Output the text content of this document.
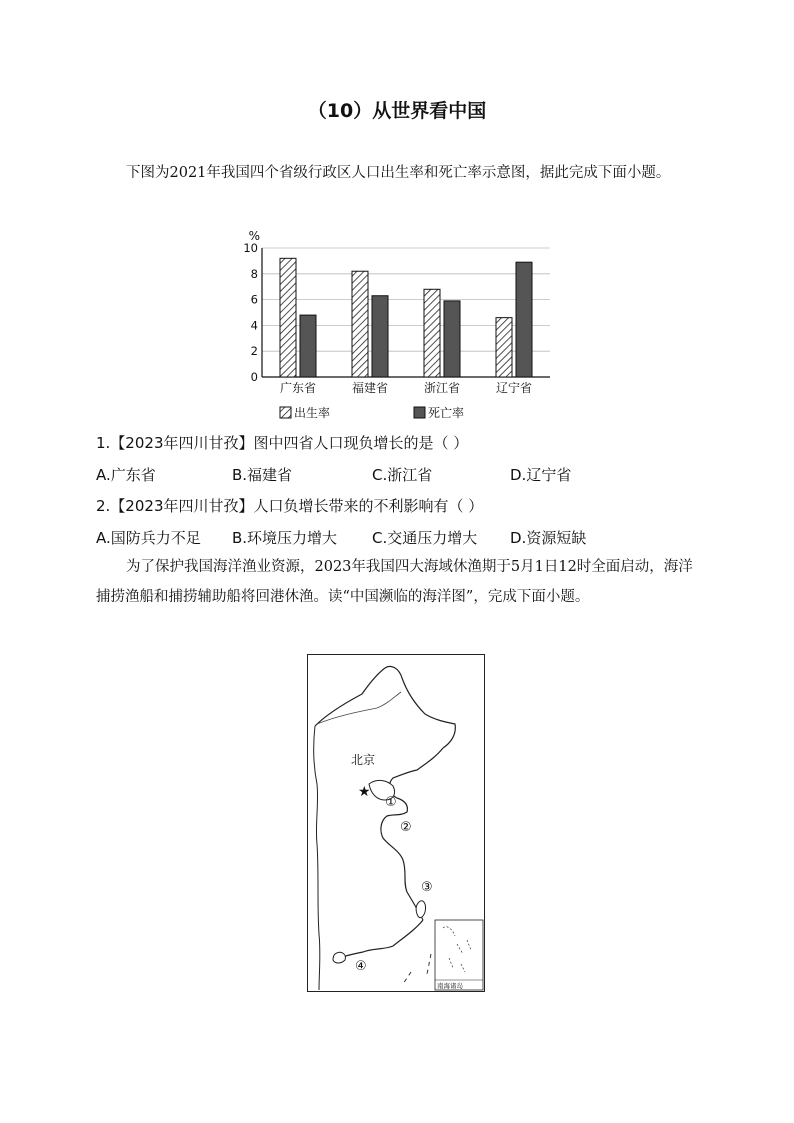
（10）从世界看中国
下图为2021年我国四个省级行政区人口出生率和死亡率示意图，据此完成下面小题。
%
0
2
4
6
8
10
广东省	福建省	浙江省	辽宁省
出生率	死亡率
1.【2023年四川甘孜】图中四省人口现负增长的是（ ）
A.广东省	B.福建省	C.浙江省	D.辽宁省
2.【2023年四川甘孜】人口负增长带来的不利影响有（ ）
A.国防兵力不足 B.环境压力增大 C.交通压力增大 D.资源短缺
为了保护我国海洋渔业资源，2023年我国四大海域休渔期于5月1日12时全面启动，海洋捕捞渔船和捕捞辅助船将回港休渔。读“中国濒临的海洋图”，完成下面小题。
北京
★
①
②
③
④
南海诸岛
